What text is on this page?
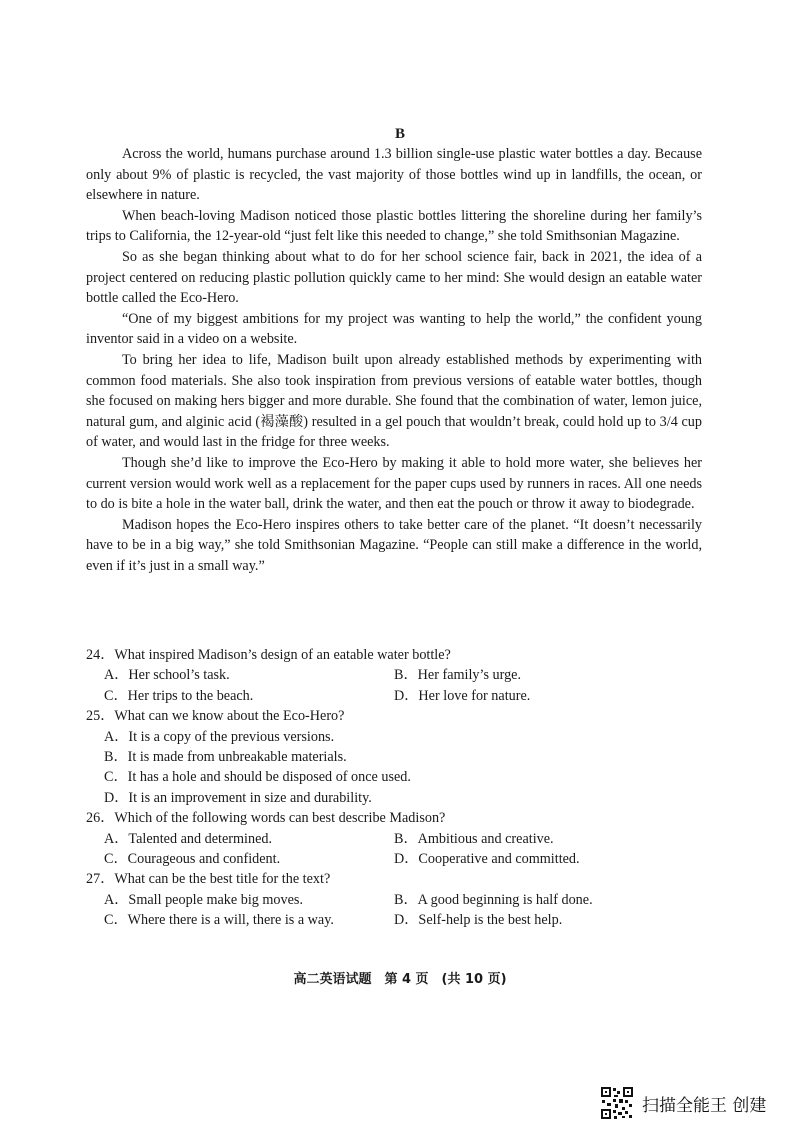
B

Across the world, humans purchase around 1.3 billion single-use plastic water bottles a day. Because only about 9% of plastic is recycled, the vast majority of those bottles wind up in landfills, the ocean, or elsewhere in nature.

When beach-loving Madison noticed those plastic bottles littering the shoreline during her family’s trips to California, the 12-year-old “just felt like this needed to change,” she told Smithsonian Magazine.

So as she began thinking about what to do for her school science fair, back in 2021, the idea of a project centered on reducing plastic pollution quickly came to her mind: She would design an eatable water bottle called the Eco-Hero.

“One of my biggest ambitions for my project was wanting to help the world,” the confident young inventor said in a video on a website.

To bring her idea to life, Madison built upon already established methods by experimenting with common food materials. She also took inspiration from previous versions of eatable water bottles, though she focused on making hers bigger and more durable. She found that the combination of water, lemon juice, natural gum, and alginic acid (褐藻酸) resulted in a gel pouch that wouldn’t break, could hold up to 3/4 cup of water, and would last in the fridge for three weeks.

Though she’d like to improve the Eco-Hero by making it able to hold more water, she believes her current version would work well as a replacement for the paper cups used by runners in races. All one needs to do is bite a hole in the water ball, drink the water, and then eat the pouch or throw it away to biodegrade.

Madison hopes the Eco-Hero inspires others to take better care of the planet. “It doesn’t necessarily have to be in a big way,” she told Smithsonian Magazine. “People can still make a difference in the world, even if it’s just in a small way.”

24．What inspired Madison’s design of an eatable water bottle?
A．Her school’s task.	B．Her family’s urge.
C．Her trips to the beach.	D．Her love for nature.
25．What can we know about the Eco-Hero?
A．It is a copy of the previous versions.
B．It is made from unbreakable materials.
C．It has a hole and should be disposed of once used.
D．It is an improvement in size and durability.
26．Which of the following words can best describe Madison?
A．Talented and determined.	B．Ambitious and creative.
C．Courageous and confident.	D．Cooperative and committed.
27．What can be the best title for the text?
A．Small people make big moves.	B．A good beginning is half done.
C．Where there is a will, there is a way.	D．Self-help is the best help.
高二英语试题　第 4 页　(共 10 页)
扫描全能王 创建
